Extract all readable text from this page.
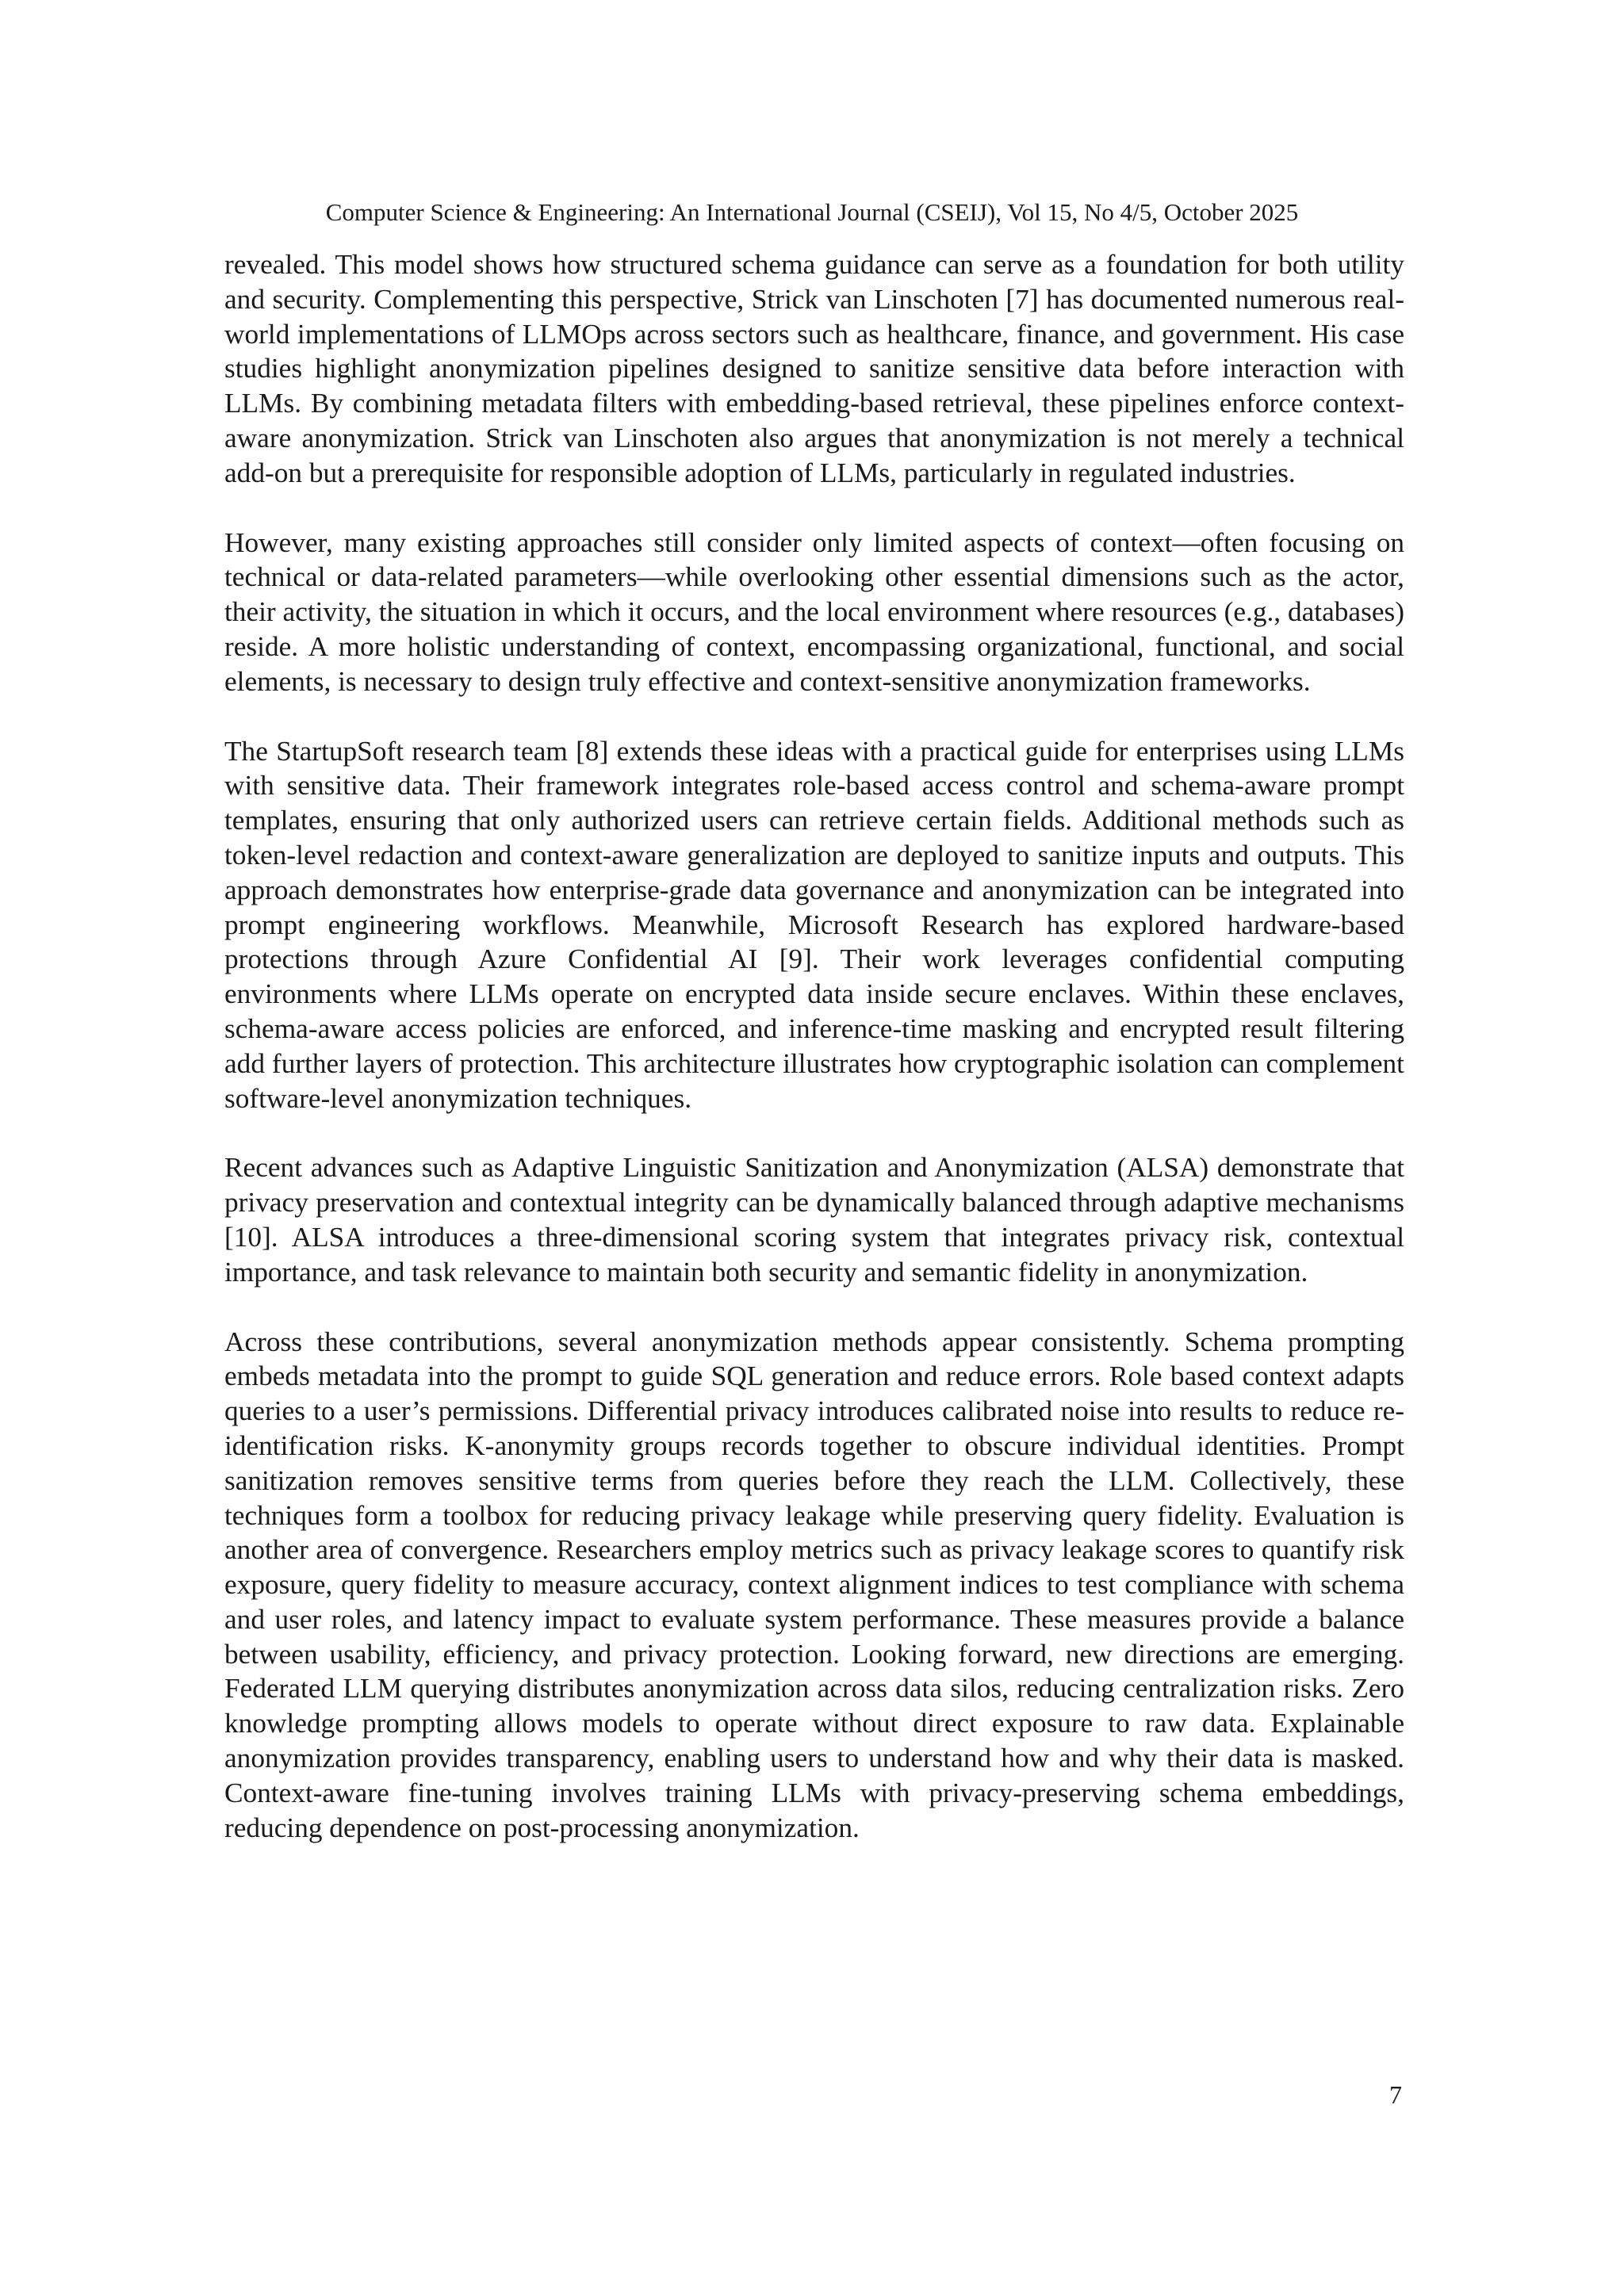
Computer Science & Engineering: An International Journal (CSEIJ), Vol 15, No 4/5, October 2025

revealed. This model shows how structured schema guidance can serve as a foundation for both utility and security. Complementing this perspective, Strick van Linschoten [7] has documented numerous real-world implementations of LLMOps across sectors such as healthcare, finance, and government. His case studies highlight anonymization pipelines designed to sanitize sensitive data before interaction with LLMs. By combining metadata filters with embedding-based retrieval, these pipelines enforce context-aware anonymization. Strick van Linschoten also argues that anonymization is not merely a technical add-on but a prerequisite for responsible adoption of LLMs, particularly in regulated industries.

However, many existing approaches still consider only limited aspects of context—often focusing on technical or data-related parameters—while overlooking other essential dimensions such as the actor, their activity, the situation in which it occurs, and the local environment where resources (e.g., databases) reside. A more holistic understanding of context, encompassing organizational, functional, and social elements, is necessary to design truly effective and context-sensitive anonymization frameworks.

The StartupSoft research team [8] extends these ideas with a practical guide for enterprises using LLMs with sensitive data. Their framework integrates role-based access control and schema-aware prompt templates, ensuring that only authorized users can retrieve certain fields. Additional methods such as token-level redaction and context-aware generalization are deployed to sanitize inputs and outputs. This approach demonstrates how enterprise-grade data governance and anonymization can be integrated into prompt engineering workflows. Meanwhile, Microsoft Research has explored hardware-based protections through Azure Confidential AI [9]. Their work leverages confidential computing environments where LLMs operate on encrypted data inside secure enclaves. Within these enclaves, schema-aware access policies are enforced, and inference-time masking and encrypted result filtering add further layers of protection. This architecture illustrates how cryptographic isolation can complement software-level anonymization techniques.

Recent advances such as Adaptive Linguistic Sanitization and Anonymization (ALSA) demonstrate that privacy preservation and contextual integrity can be dynamically balanced through adaptive mechanisms [10]. ALSA introduces a three-dimensional scoring system that integrates privacy risk, contextual importance, and task relevance to maintain both security and semantic fidelity in anonymization.

Across these contributions, several anonymization methods appear consistently. Schema prompting embeds metadata into the prompt to guide SQL generation and reduce errors. Role based context adapts queries to a user’s permissions. Differential privacy introduces calibrated noise into results to reduce re-identification risks. K-anonymity groups records together to obscure individual identities. Prompt sanitization removes sensitive terms from queries before they reach the LLM. Collectively, these techniques form a toolbox for reducing privacy leakage while preserving query fidelity. Evaluation is another area of convergence. Researchers employ metrics such as privacy leakage scores to quantify risk exposure, query fidelity to measure accuracy, context alignment indices to test compliance with schema and user roles, and latency impact to evaluate system performance. These measures provide a balance between usability, efficiency, and privacy protection. Looking forward, new directions are emerging. Federated LLM querying distributes anonymization across data silos, reducing centralization risks. Zero knowledge prompting allows models to operate without direct exposure to raw data. Explainable anonymization provides transparency, enabling users to understand how and why their data is masked. Context-aware fine-tuning involves training LLMs with privacy-preserving schema embeddings, reducing dependence on post-processing anonymization.

7
